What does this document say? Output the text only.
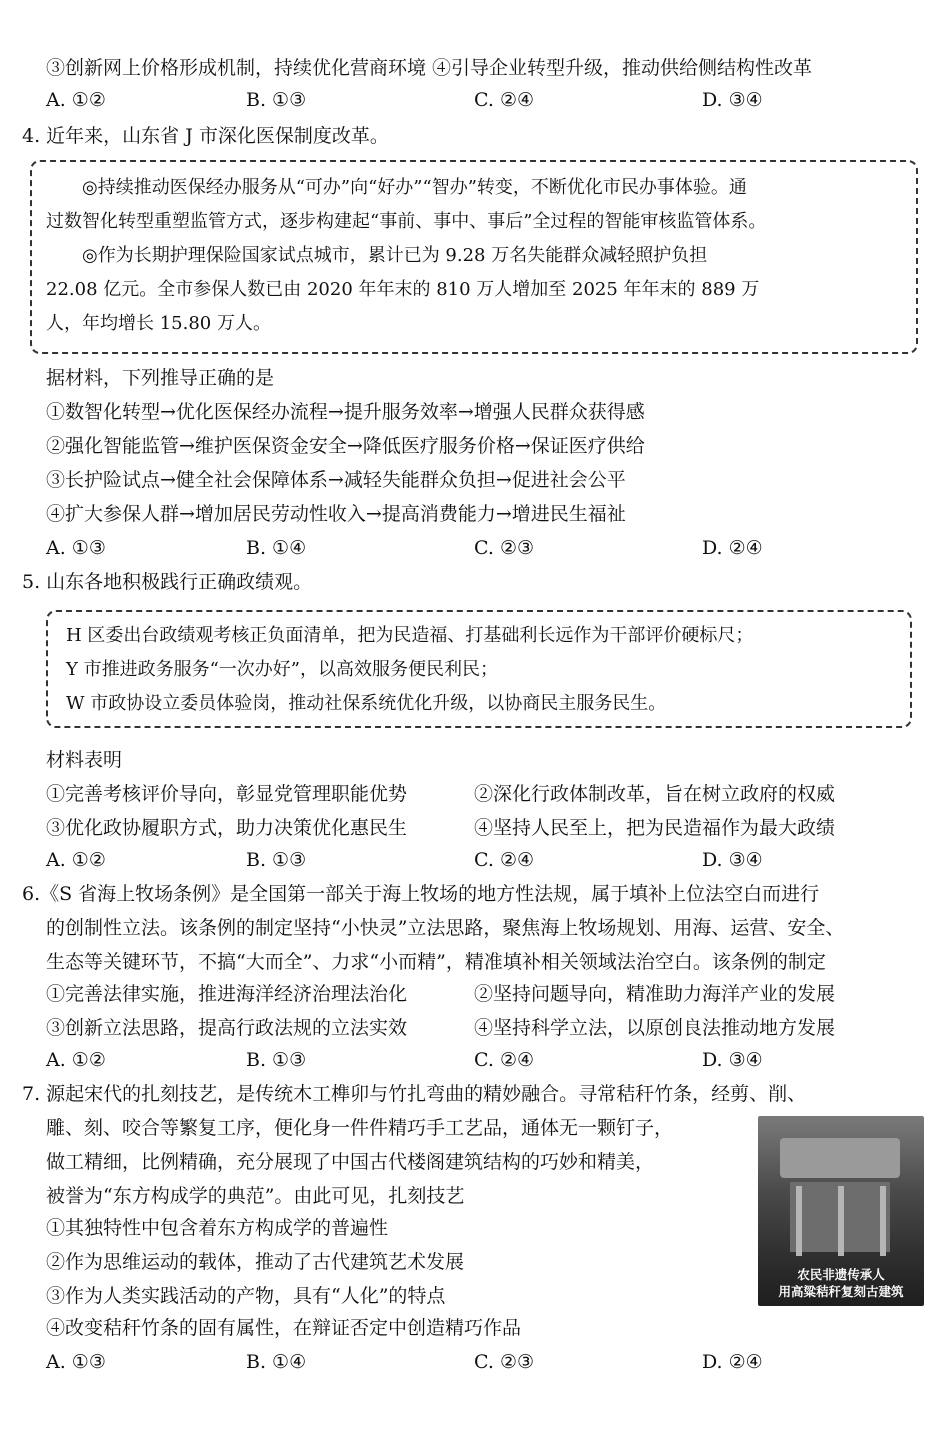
③创新网上价格形成机制，持续优化营商环境 ④引导企业转型升级，推动供给侧结构性改革
A. ①②	B. ①③	C. ②④	D. ③④
4. 近年来，山东省 J 市深化医保制度改革。
◎持续推动医保经办服务从“可办”向“好办”“智办”转变，不断优化市民办事体验。通
过数智化转型重塑监管方式，逐步构建起“事前、事中、事后”全过程的智能审核监管体系。
◎作为长期护理保险国家试点城市，累计已为 9.28 万名失能群众减轻照护负担
22.08 亿元。全市参保人数已由 2020 年年末的 810 万人增加至 2025 年年末的 889 万
人，年均增长 15.80 万人。
据材料，下列推导正确的是
①数智化转型→优化医保经办流程→提升服务效率→增强人民群众获得感
②强化智能监管→维护医保资金安全→降低医疗服务价格→保证医疗供给
③长护险试点→健全社会保障体系→减轻失能群众负担→促进社会公平
④扩大参保人群→增加居民劳动性收入→提高消费能力→增进民生福祉
A. ①③	B. ①④	C. ②③	D. ②④
5. 山东各地积极践行正确政绩观。
H 区委出台政绩观考核正负面清单，把为民造福、打基础利长远作为干部评价硬标尺；
Y 市推进政务服务“一次办好”，以高效服务便民利民；
W 市政协设立委员体验岗，推动社保系统优化升级，以协商民主服务民生。
材料表明
①完善考核评价导向，彰显党管理职能优势	②深化行政体制改革，旨在树立政府的权威
③优化政协履职方式，助力决策优化惠民生	④坚持人民至上，把为民造福作为最大政绩
A. ①②	B. ①③	C. ②④	D. ③④
6.《S 省海上牧场条例》是全国第一部关于海上牧场的地方性法规，属于填补上位法空白而进行
的创制性立法。该条例的制定坚持“小快灵”立法思路，聚焦海上牧场规划、用海、运营、安全、
生态等关键环节，不搞“大而全”、力求“小而精”，精准填补相关领域法治空白。该条例的制定
①完善法律实施，推进海洋经济治理法治化	②坚持问题导向，精准助力海洋产业的发展
③创新立法思路，提高行政法规的立法实效	④坚持科学立法，以原创良法推动地方发展
A. ①②	B. ①③	C. ②④	D. ③④
7. 源起宋代的扎刻技艺，是传统木工榫卯与竹扎弯曲的精妙融合。寻常秸秆竹条，经剪、削、
雕、刻、咬合等繁复工序，便化身一件件精巧手工艺品，通体无一颗钉子，
做工精细，比例精确，充分展现了中国古代楼阁建筑结构的巧妙和精美，
被誉为“东方构成学的典范”。由此可见，扎刻技艺
①其独特性中包含着东方构成学的普遍性
②作为思维运动的载体，推动了古代建筑艺术发展
③作为人类实践活动的产物，具有“人化”的特点
④改变秸秆竹条的固有属性，在辩证否定中创造精巧作品
A. ①③	B. ①④	C. ②③	D. ②④
农民非遗传承人
用高粱秸秆复刻古建筑
